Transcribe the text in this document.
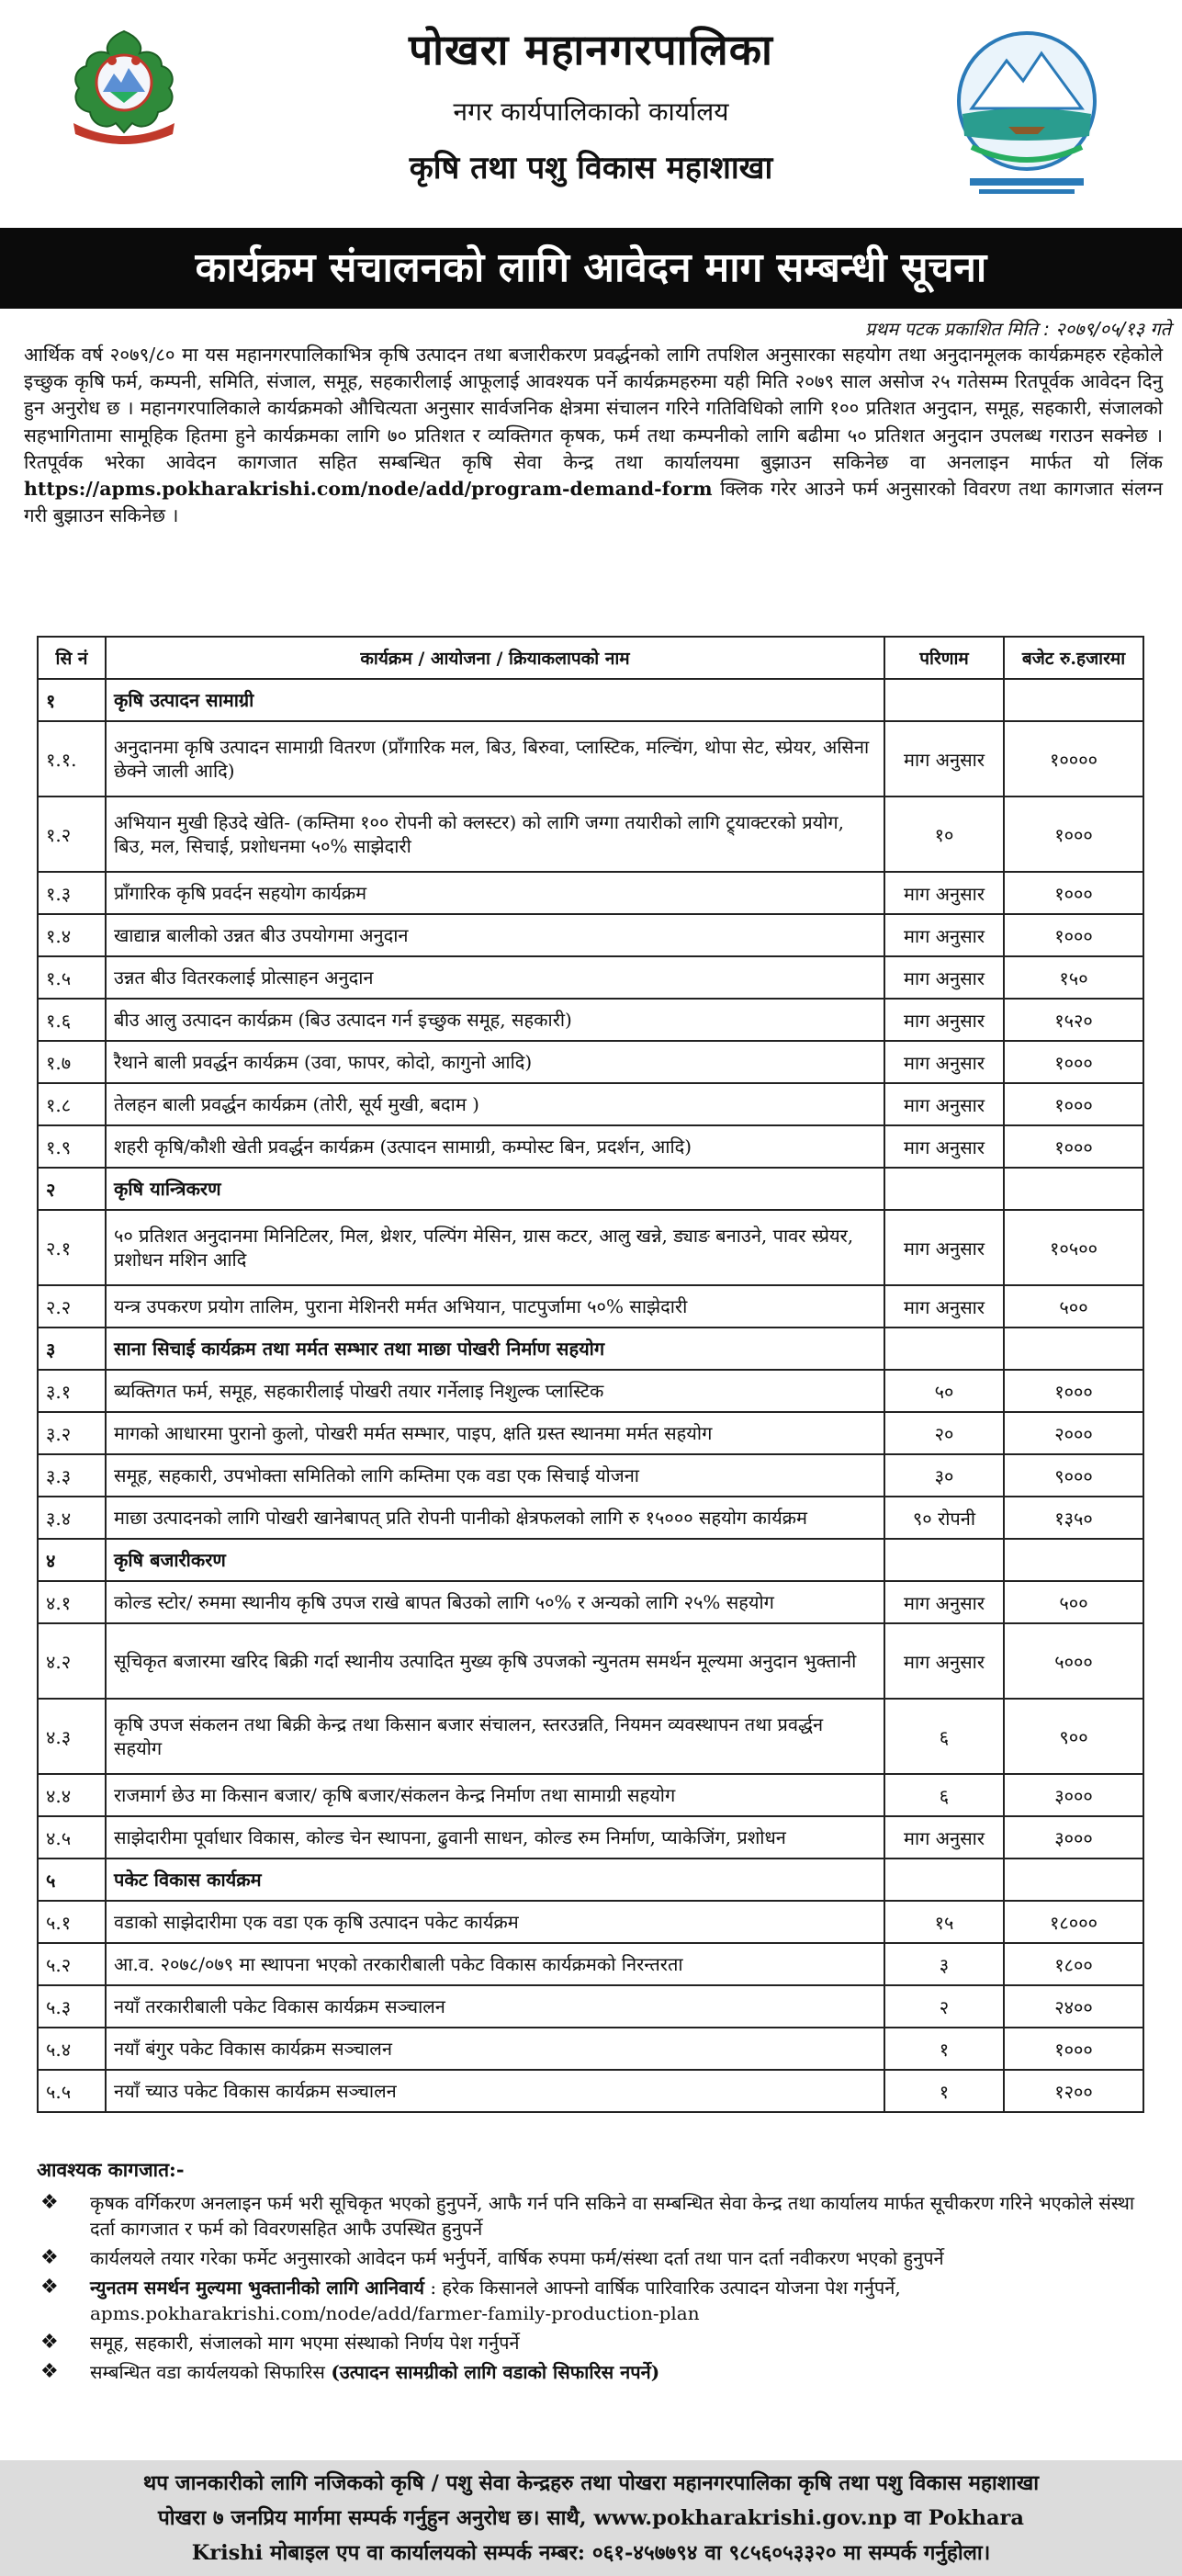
पोखरा महानगरपालिका
नगर कार्यपालिकाको कार्यालय
कृषि तथा पशु विकास महाशाखा
कार्यक्रम संचालनको लागि आवेदन माग सम्बन्धी सूचना
प्रथम पटक प्रकाशित मिति : २०७९/०५/१३ गते
आर्थिक वर्ष २०७९/८० मा यस महानगरपालिकाभित्र कृषि उत्पादन तथा बजारीकरण प्रवर्द्धनको लागि तपशिल अनुसारका सहयोग तथा अनुदानमूलक कार्यक्रमहरु रहेकोले इच्छुक कृषि फर्म, कम्पनी, समिति, संजाल, समूह, सहकारीलाई आफूलाई आवश्यक पर्ने कार्यक्रमहरुमा यही मिति २०७९ साल असोज २५ गतेसम्म रितपूर्वक आवेदन दिनु हुन अनुरोध छ । महानगरपालिकाले कार्यक्रमको औचित्यता अनुसार सार्वजनिक क्षेत्रमा संचालन गरिने गतिविधिको लागि १०० प्रतिशत अनुदान, समूह, सहकारी, संजालको सहभागितामा सामूहिक हितमा हुने कार्यक्रमका लागि ७० प्रतिशत र व्यक्तिगत कृषक, फर्म तथा कम्पनीको लागि बढीमा ५० प्रतिशत अनुदान उपलब्ध गराउन सक्नेछ । रितपूर्वक भरेका आवेदन कागजात सहित सम्बन्धित कृषि सेवा केन्द्र तथा कार्यालयमा बुझाउन सकिनेछ वा अनलाइन मार्फत यो लिंक https://apms.pokharakrishi.com/node/add/program-demand-form क्लिक गरेर आउने फर्म अनुसारको विवरण तथा कागजात संलग्न गरी बुझाउन सकिनेछ ।
सि नं	कार्यक्रम / आयोजना / क्रियाकलापको नाम	परिणाम	बजेट रु.हजारमा
१	कृषि उत्पादन सामाग्री		
१.१.	अनुदानमा कृषि उत्पादन सामाग्री वितरण (प्राँगारिक मल, बिउ, बिरुवा, प्लास्टिक, मल्चिंग, थोपा सेट, स्प्रेयर, असिना छेक्ने जाली आदि)	माग अनुसार	१००००
१.२	अभियान मुखी हिउदे खेति- (कम्तिमा १०० रोपनी को क्लस्टर) को लागि जग्गा तयारीको लागि ट्र्याक्टरको प्रयोग, बिउ, मल, सिचाई, प्रशोधनमा ५०% साझेदारी	१०	१०००
१.३	प्राँगारिक कृषि प्रवर्दन सहयोग कार्यक्रम	माग अनुसार	१०००
१.४	खाद्यान्न बालीको उन्नत बीउ उपयोगमा अनुदान	माग अनुसार	१०००
१.५	उन्नत बीउ वितरकलाई प्रोत्साहन अनुदान	माग अनुसार	१५०
१.६	बीउ आलु उत्पादन कार्यक्रम (बिउ उत्पादन गर्न इच्छुक समूह, सहकारी)	माग अनुसार	१५२०
१.७	रैथाने बाली प्रवर्द्धन कार्यक्रम (उवा, फापर, कोदो, कागुनो आदि)	माग अनुसार	१०००
१.८	तेलहन बाली प्रवर्द्धन कार्यक्रम (तोरी, सूर्य मुखी, बदाम )	माग अनुसार	१०००
१.९	शहरी कृषि/कौशी खेती प्रवर्द्धन कार्यक्रम (उत्पादन सामाग्री, कम्पोस्ट बिन, प्रदर्शन, आदि)	माग अनुसार	१०००
२	कृषि यान्त्रिकरण		
२.१	५० प्रतिशत अनुदानमा मिनिटिलर, मिल, थ्रेशर, पल्पिंग मेसिन, ग्रास कटर, आलु खन्ने, ड्याङ बनाउने, पावर स्प्रेयर, प्रशोधन मशिन आदि	माग अनुसार	१०५००
२.२	यन्त्र उपकरण प्रयोग तालिम, पुराना मेशिनरी मर्मत अभियान, पाटपुर्जामा ५०% साझेदारी	माग अनुसार	५००
३	साना सिचाई कार्यक्रम तथा मर्मत सम्भार तथा माछा पोखरी निर्माण सहयोग		
३.१	ब्यक्तिगत फर्म, समूह, सहकारीलाई पोखरी तयार गर्नेलाइ निशुल्क प्लास्टिक	५०	१०००
३.२	मागको आधारमा पुरानो कुलो, पोखरी मर्मत सम्भार, पाइप, क्षति ग्रस्त स्थानमा मर्मत सहयोग	२०	२०००
३.३	समूह, सहकारी, उपभोक्ता समितिको लागि कम्तिमा एक वडा एक सिचाई योजना	३०	९०००
३.४	माछा उत्पादनको लागि पोखरी खानेबापत् प्रति रोपनी पानीको क्षेत्रफलको लागि रु १५००० सहयोग कार्यक्रम	९० रोपनी	१३५०
४	कृषि बजारीकरण		
४.१	कोल्ड स्टोर/ रुममा स्थानीय कृषि उपज राखे बापत बिउको लागि ५०% र अन्यको लागि २५% सहयोग	माग अनुसार	५००
४.२	सूचिकृत बजारमा खरिद बिक्री गर्दा स्थानीय उत्पादित मुख्य कृषि उपजको न्युनतम समर्थन मूल्यमा अनुदान भुक्तानी	माग अनुसार	५०००
४.३	कृषि उपज संकलन तथा बिक्री केन्द्र तथा किसान बजार संचालन, स्तरउन्नति, नियमन व्यवस्थापन तथा प्रवर्द्धन सहयोग	६	९००
४.४	राजमार्ग छेउ मा किसान बजार/ कृषि बजार/संकलन केन्द्र निर्माण तथा सामाग्री सहयोग	६	३०००
४.५	साझेदारीमा पूर्वाधार विकास, कोल्ड चेन स्थापना, ढुवानी साधन, कोल्ड रुम निर्माण, प्याकेजिंग, प्रशोधन	माग अनुसार	३०००
५	पकेट विकास कार्यक्रम		
५.१	वडाको साझेदारीमा एक वडा एक कृषि उत्पादन पकेट कार्यक्रम	१५	१८०००
५.२	आ.व. २०७८/०७९ मा स्थापना भएको तरकारीबाली पकेट विकास कार्यक्रमको निरन्तरता	३	१८००
५.३	नयाँ तरकारीबाली पकेट विकास कार्यक्रम सञ्चालन	२	२४००
५.४	नयाँ बंगुर पकेट विकास कार्यक्रम सञ्चालन	१	१०००
५.५	नयाँ च्याउ पकेट विकास कार्यक्रम सञ्चालन	१	१२००
आवश्यक कागजात:-
❖ कृषक वर्गिकरण अनलाइन फर्म भरी सूचिकृत भएको हुनुपर्ने, आफै गर्न पनि सकिने वा सम्बन्धित सेवा केन्द्र तथा कार्यालय मार्फत सूचीकरण गरिने भएकोले संस्था दर्ता कागजात र फर्म को विवरणसहित आफै उपस्थित हुनुपर्ने
❖ कार्यलयले तयार गरेका फर्मेट अनुसारको आवेदन फर्म भर्नुपर्ने, वार्षिक रुपमा फर्म/संस्था दर्ता तथा पान दर्ता नवीकरण भएको हुनुपर्ने
❖ न्युनतम समर्थन मुल्यमा भुक्तानीको लागि आनिवार्य : हरेक किसानले आफ्नो वार्षिक पारिवारिक उत्पादन योजना पेश गर्नुपर्ने, apms.pokharakrishi.com/node/add/farmer-family-production-plan
❖ समूह, सहकारी, संजालको माग भएमा संस्थाको निर्णय पेश गर्नुपर्ने
❖ सम्बन्धित वडा कार्यलयको सिफारिस (उत्पादन सामग्रीको लागि वडाको सिफारिस नपर्ने)
थप जानकारीको लागि नजिकको कृषि / पशु सेवा केन्द्रहरु तथा पोखरा महानगरपालिका कृषि तथा पशु विकास महाशाखा
पोखरा ७ जनप्रिय मार्गमा सम्पर्क गर्नुहुन अनुरोध छ। साथै, www.pokharakrishi.gov.np वा Pokhara
Krishi मोबाइल एप वा कार्यालयको सम्पर्क नम्बर: ०६१-४५७७९४ वा ९८५६०५३३२० मा सम्पर्क गर्नुहोला।
